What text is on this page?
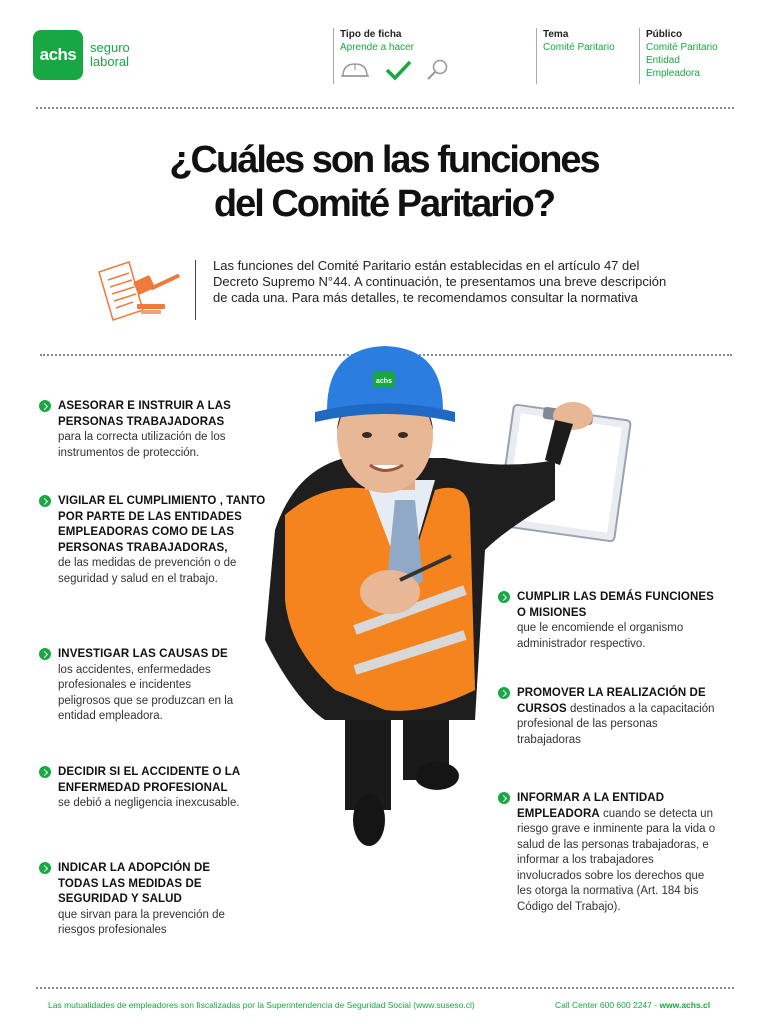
achs seguro
laboral
Tipo de ficha
Aprende a hacer
Tema
Comité Paritario
Público
Comité Paritario
Entidad
Empleadora
¿Cuáles son las funciones
del Comité Paritario?
Las funciones del Comité Paritario están establecidas en el artículo 47 del Decreto Supremo N°44. A continuación, te presentamos una breve descripción de cada una. Para más detalles, te recomendamos consultar la normativa
achs
ASESORAR E INSTRUIR A LAS PERSONAS TRABAJADORAS
para la correcta utilización de los instrumentos de protección.
VIGILAR EL CUMPLIMIENTO , TANTO POR PARTE DE LAS ENTIDADES EMPLEADORAS COMO DE LAS PERSONAS TRABAJADORAS,
de las medidas de prevención o de seguridad y salud en el trabajo.
INVESTIGAR LAS CAUSAS DE
los accidentes, enfermedades profesionales e incidentes peligrosos que se produzcan en la entidad empleadora.
DECIDIR SI EL ACCIDENTE O LA ENFERMEDAD PROFESIONAL
se debió a negligencia inexcusable.
INDICAR LA ADOPCIÓN DE TODAS LAS MEDIDAS DE SEGURIDAD Y SALUD
que sirvan para la prevención de riesgos profesionales
CUMPLIR LAS DEMÁS FUNCIONES O MISIONES
que le encomiende el organismo administrador respectivo.
PROMOVER LA REALIZACIÓN DE CURSOS destinados a la capacitación profesional de las personas trabajadoras
INFORMAR A LA ENTIDAD EMPLEADORA cuando se detecta un riesgo grave e inminente para la vida o salud de las personas trabajadoras, e informar a los trabajadores involucrados sobre los derechos que les otorga la normativa (Art. 184 bis Código del Trabajo).
Las mutualidades de empleadores son fiscalizadas por la Superintendencia de Seguridad Social (www.suseso.cl)	Call Center 600 600 2247 - www.achs.cl
